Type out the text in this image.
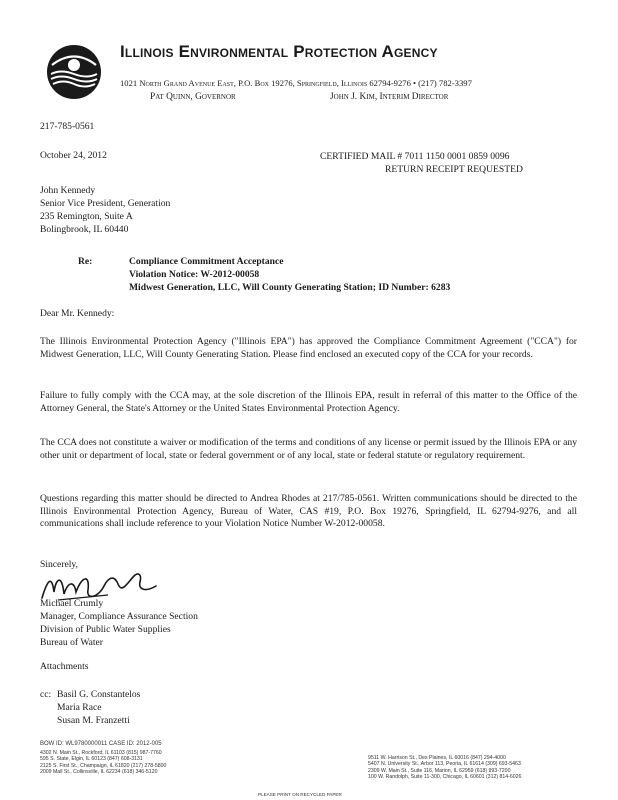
Illinois Environmental Protection Agency
1021 North Grand Avenue East, P.O. Box 19276, Springfield, Illinois 62794-9276 • (217) 782-3397
Pat Quinn, Governor	John J. Kim, Interim Director
217-785-0561
October 24, 2012	CERTIFIED MAIL # 7011 1150 0001 0859 0096
RETURN RECEIPT REQUESTED
John Kennedy
Senior Vice President, Generation
235 Remington, Suite A
Bolingbrook, IL 60440
Re:	Compliance Commitment Acceptance
Violation Notice: W-2012-00058
Midwest Generation, LLC, Will County Generating Station; ID Number: 6283
Dear Mr. Kennedy:
The Illinois Environmental Protection Agency ("Illinois EPA") has approved the Compliance Commitment Agreement ("CCA") for Midwest Generation, LLC, Will County Generating Station. Please find enclosed an executed copy of the CCA for your records.
Failure to fully comply with the CCA may, at the sole discretion of the Illinois EPA, result in referral of this matter to the Office of the Attorney General, the State's Attorney or the United States Environmental Protection Agency.
The CCA does not constitute a waiver or modification of the terms and conditions of any license or permit issued by the Illinois EPA or any other unit or department of local, state or federal government or of any local, state or federal statute or regulatory requirement.
Questions regarding this matter should be directed to Andrea Rhodes at 217/785-0561. Written communications should be directed to the Illinois Environmental Protection Agency, Bureau of Water, CAS #19, P.O. Box 19276, Springfield, IL 62794-9276, and all communications shall include reference to your Violation Notice Number W-2012-00058.
Sincerely,
Michael Crumly
Manager, Compliance Assurance Section
Division of Public Water Supplies
Bureau of Water
Attachments
cc: Basil G. Constantelos
Maria Race
Susan M. Franzetti
BOW ID: WL9780000011 CASE ID: 2012-005
4302 N. Main St., Rockford, IL 61103 (815) 987-7760
595 S. State, Elgin, IL 60123 (847) 608-3131
2125 S. First St., Champaign, IL 61820 (217) 278-5800
2009 Mall St., Collinsville, IL 62234 (618) 346-5120
9511 W. Harrison St., Des Plaines, IL 60016 (847) 294-4000
5407 N. University St., Arbor 113, Peoria, IL 61614 (309) 693-5463
2309 W. Main St., Suite 116, Marion, IL 62959 (618) 993-7200
100 W. Randolph, Suite 11-300, Chicago, IL 60601 (312) 814-6026
PLEASE PRINT ON RECYCLED PAPER
